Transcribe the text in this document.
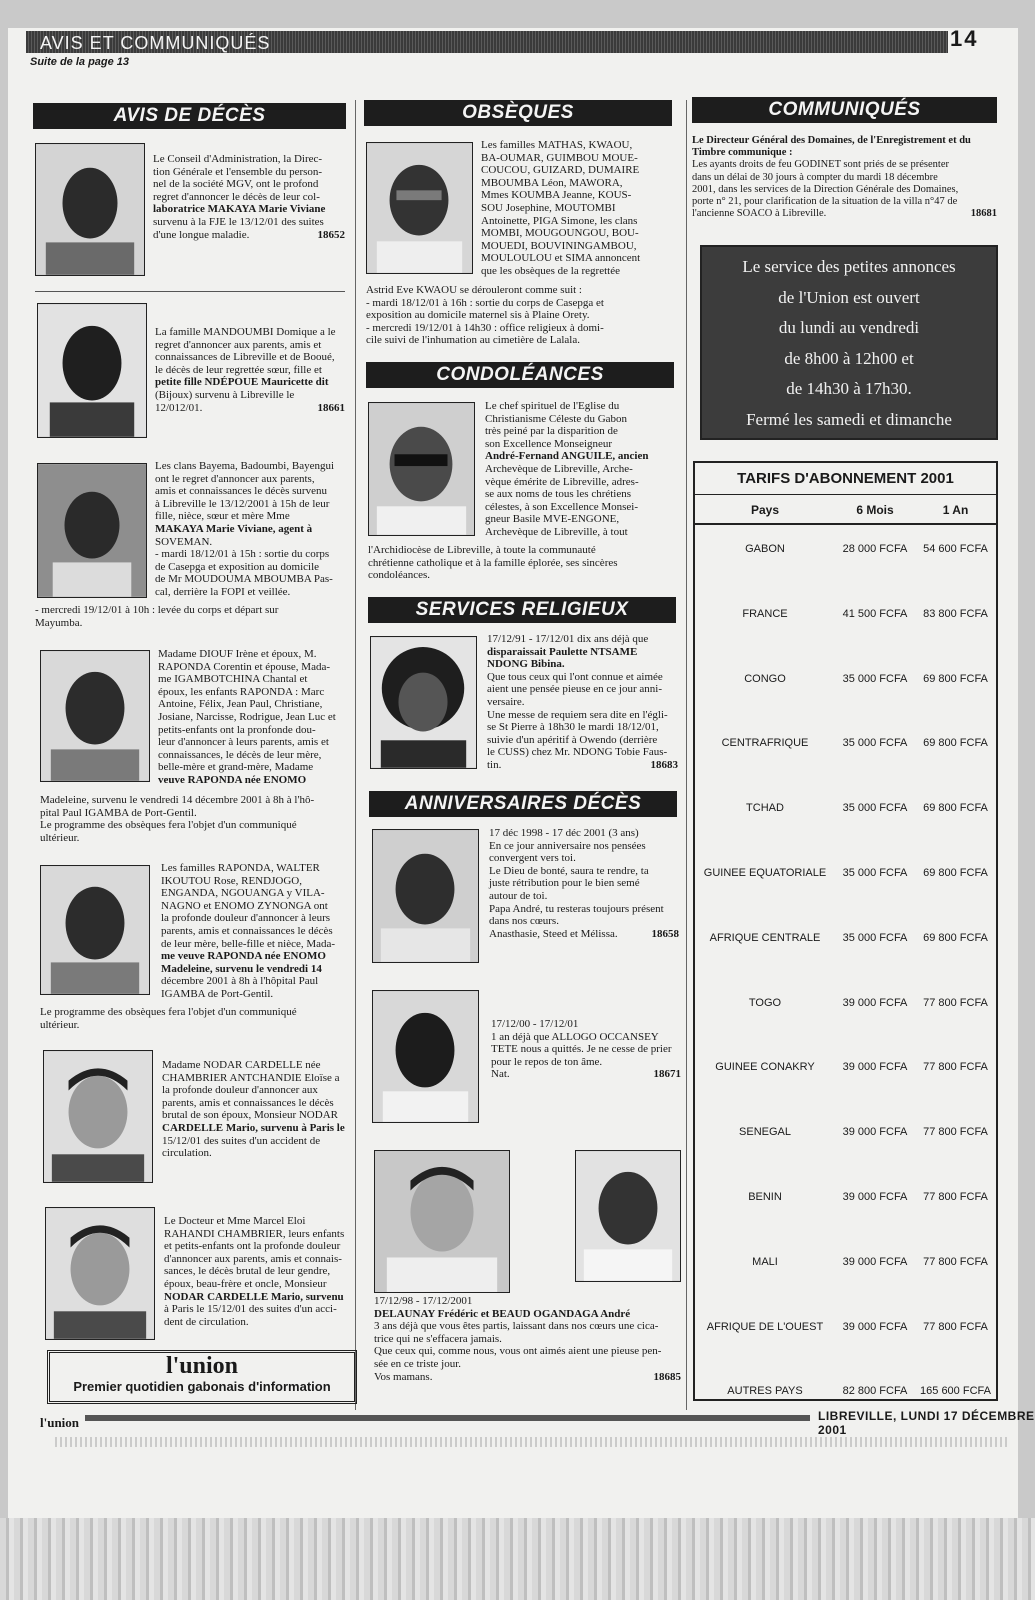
AVIS ET COMMUNIQUÉS	14
Suite de la page 13
AVIS DE DÉCÈS
Le Conseil d'Administration, la Direc-
tion Générale et l'ensemble du person-
nel de la société MGV, ont le profond
regret d'annoncer le décès de leur col-
laboratrice MAKAYA Marie Viviane
survenu à la FJE le 13/12/01 des suites
d'une longue maladie.	18652
La famille MANDOUMBI Domique a le
regret d'annoncer aux parents, amis et
connaissances de Libreville et de Booué,
le décès de leur regrettée sœur, fille et
petite fille NDÉPOUE Mauricette dit
(Bijoux) survenu à Libreville le
12/012/01.	18661
Les clans Bayema, Badoumbi, Bayengui
ont le regret d'annoncer aux parents,
amis et connaissances le décès survenu
à Libreville le 13/12/2001 à 15h de leur
fille, nièce, sœur et mère Mme
MAKAYA Marie Viviane, agent à
SOVEMAN.
- mardi 18/12/01 à 15h : sortie du corps
de Casepga et exposition au domicile
de Mr MOUDOUMA MBOUMBA Pas-
cal, derrière la FOPI et veillée.
- mercredi 19/12/01 à 10h : levée du corps et départ sur
Mayumba.
Madame DIOUF Irène et époux, M.
RAPONDA Corentin et épouse, Mada-
me IGAMBOTCHINA Chantal et
époux, les enfants RAPONDA : Marc
Antoine, Félix, Jean Paul, Christiane,
Josiane, Narcisse, Rodrigue, Jean Luc et
petits-enfants ont la pronfonde dou-
leur d'annoncer à leurs parents, amis et
connaissances, le décès de leur mère,
belle-mère et grand-mère, Madame
veuve RAPONDA née ENOMO
Madeleine, survenu le vendredi 14 décembre 2001 à 8h à l'hô-
pital Paul IGAMBA de Port-Gentil.
Le programme des obsèques fera l'objet d'un communiqué
ultérieur.
Les familles RAPONDA, WALTER
IKOUTOU Rose, RENDJOGO,
ENGANDA, NGOUANGA y VILA-
NAGNO et ENOMO ZYNONGA ont
la profonde douleur d'annoncer à leurs
parents, amis et connaissances le décès
de leur mère, belle-fille et nièce, Mada-
me veuve RAPONDA née ENOMO
Madeleine, survenu le vendredi 14
décembre 2001 à 8h à l'hôpital Paul
IGAMBA de Port-Gentil.
Le programme des obsèques fera l'objet d'un communiqué
ultérieur.
Madame NODAR CARDELLE née
CHAMBRIER ANTCHANDIE Eloïse a
la profonde douleur d'annoncer aux
parents, amis et connaissances le décès
brutal de son époux, Monsieur NODAR
CARDELLE Mario, survenu à Paris le
15/12/01 des suites d'un accident de
circulation.
Le Docteur et Mme Marcel Eloi
RAHANDI CHAMBRIER, leurs enfants
et petits-enfants ont la profonde douleur
d'annoncer aux parents, amis et connais-
sances, le décès brutal de leur gendre,
époux, beau-frère et oncle, Monsieur
NODAR CARDELLE Mario, survenu
à Paris le 15/12/01 des suites d'un acci-
dent de circulation.
l'union
Premier quotidien gabonais d'information
OBSÈQUES
Les familles MATHAS, KWAOU,
BA-OUMAR, GUIMBOU MOUE-
COUCOU, GUIZARD, DUMAIRE
MBOUMBA Léon, MAWORA,
Mmes KOUMBA Jeanne, KOUS-
SOU Josephine, MOUTOMBI
Antoinette, PIGA Simone, les clans
MOMBI, MOUGOUNGOU, BOU-
MOUEDI, BOUVININGAMBOU,
MOULOULOU et SIMA annoncent
que les obsèques de la regrettée
Astrid Eve KWAOU se dérouleront comme suit :
- mardi 18/12/01 à 16h : sortie du corps de Casepga et
exposition au domicile maternel sis à Plaine Orety.
- mercredi 19/12/01 à 14h30 : office religieux à domi-
cile suivi de l'inhumation au cimetière de Lalala.
CONDOLÉANCES
Le chef spirituel de l'Eglise du
Christianisme Céleste du Gabon
très peiné par la disparition de
son Excellence Monseigneur
André-Fernand ANGUILE, ancien
Archevèque de Libreville, Arche-
vèque émérite de Libreville, adres-
se aux noms de tous les chrétiens
célestes, à son Excellence Monsei-
gneur Basile MVE-ENGONE,
Archevèque de Libreville, à tout
l'Archidiocèse de Libreville, à toute la communauté
chrétienne catholique et à la famille éplorée, ses sincères
condoléances.
SERVICES RELIGIEUX
17/12/91 - 17/12/01 dix ans déjà que
disparaissait Paulette NTSAME
NDONG Bibina.
Que tous ceux qui l'ont connue et aimée
aient une pensée pieuse en ce jour anni-
versaire.
Une messe de requiem sera dite en l'égli-
se St Pierre à 18h30 le mardi 18/12/01,
suivie d'un apéritif à Owendo (derrière
le CUSS) chez Mr. NDONG Tobie Faus-
tin.	18683
ANNIVERSAIRES DÉCÈS
17 déc 1998 - 17 déc 2001 (3 ans)
En ce jour anniversaire nos pensées
convergent vers toi.
Le Dieu de bonté, saura te rendre, ta
juste rétribution pour le bien semé
autour de toi.
Papa André, tu resteras toujours présent
dans nos cœurs.
Anasthasie, Steed et Mélissa.	18658
17/12/00 - 17/12/01
1 an déjà que ALLOGO OCCANSEY
TETE nous a quittés. Je ne cesse de prier
pour le repos de ton âme.
Nat.	18671
17/12/98 - 17/12/2001
DELAUNAY Frédéric et BEAUD OGANDAGA André
3 ans déjà que vous êtes partis, laissant dans nos cœurs une cica-
trice qui ne s'effacera jamais.
Que ceux qui, comme nous, vous ont aimés aient une pieuse pen-
sée en ce triste jour.
Vos mamans.	18685
COMMUNIQUÉS
Le Directeur Général des Domaines, de l'Enregistrement et du
Timbre communique :
Les ayants droits de feu GODINET sont priés de se présenter
dans un délai de 30 jours à compter du mardi 18 décembre
2001, dans les services de la Direction Générale des Domaines,
porte n° 21, pour clarification de la situation de la villa n°47 de
l'ancienne SOACO à Libreville.	18681
Le service des petites annonces
de l'Union est ouvert
du lundi au vendredi
de 8h00 à 12h00 et
de 14h30 à 17h30.
Fermé les samedi et dimanche
TARIFS D'ABONNEMENT 2001
Pays	6 Mois	1 An
GABON	28 000 FCFA	54 600 FCFA
FRANCE	41 500 FCFA	83 800 FCFA
CONGO	35 000 FCFA	69 800 FCFA
CENTRAFRIQUE	35 000 FCFA	69 800 FCFA
TCHAD	35 000 FCFA	69 800 FCFA
GUINEE EQUATORIALE	35 000 FCFA	69 800 FCFA
AFRIQUE CENTRALE	35 000 FCFA	69 800 FCFA
TOGO	39 000 FCFA	77 800 FCFA
GUINEE CONAKRY	39 000 FCFA	77 800 FCFA
SENEGAL	39 000 FCFA	77 800 FCFA
BENIN	39 000 FCFA	77 800 FCFA
MALI	39 000 FCFA	77 800 FCFA
AFRIQUE DE L'OUEST	39 000 FCFA	77 800 FCFA
AUTRES PAYS	82 800 FCFA	165 600 FCFA
l'union	LIBREVILLE, LUNDI 17 DÉCEMBRE 2001
